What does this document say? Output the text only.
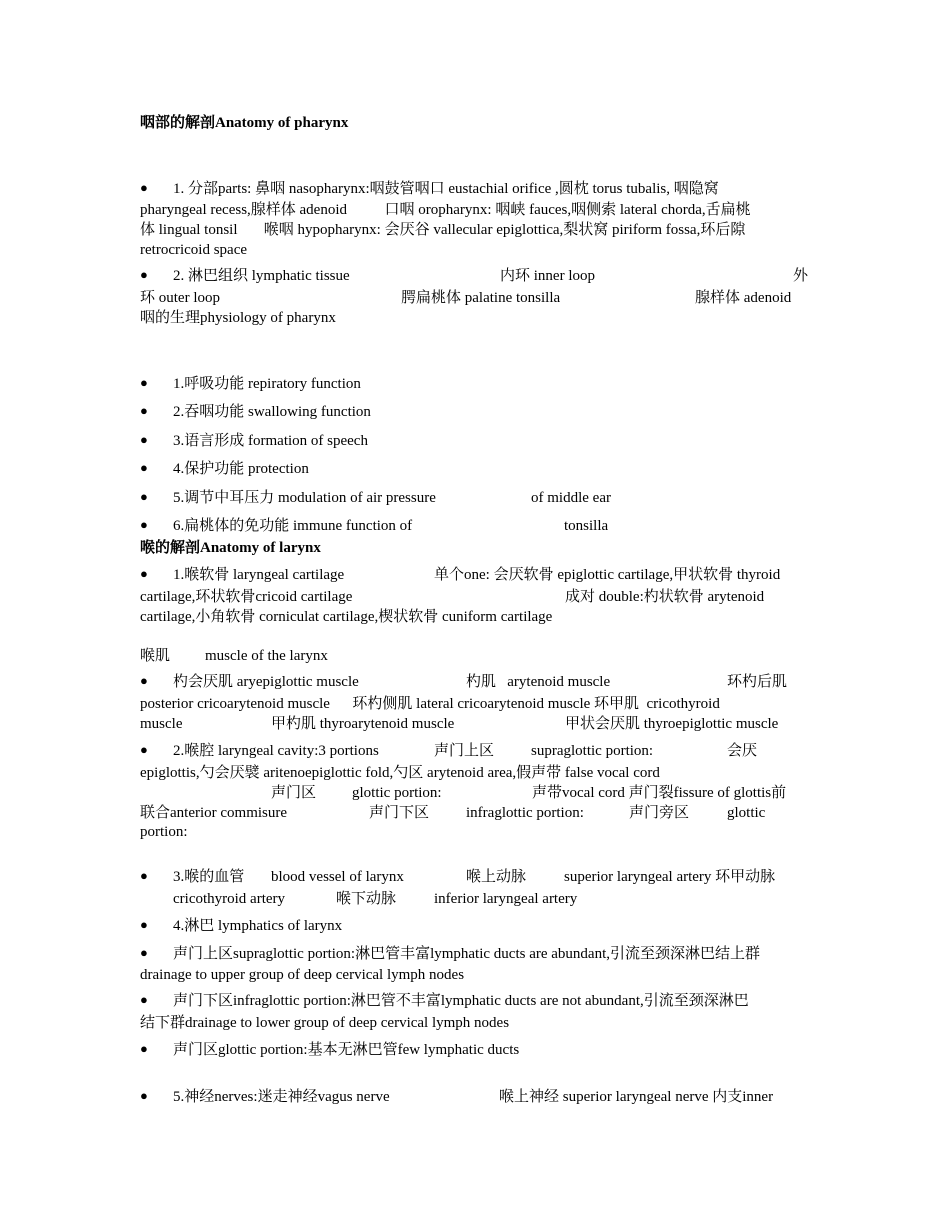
咽部的解剖Anatomy of pharynx

● 1. 分部parts: 鼻咽 nasopharynx:咽鼓管咽口 eustachial orifice ,圆枕 torus tubalis, 咽隐窝

pharyngeal recess,腺样体 adenoid          口咽 oropharynx: 咽峡 fauces,咽侧索 lateral chorda,舌扁桃

体 lingual tonsil       喉咽 hypopharynx: 会厌谷 vallecular epiglottica,梨状窝 piriform fossa,环后隙

retrocricoid space

● 2. 淋巴组织 lymphatic tissue	内环 inner loop	外

环 outer loop	腭扁桃体 palatine tonsilla	腺样体 adenoid

咽的生理physiology of pharynx

● 1.呼吸功能 repiratory function

● 2.吞咽功能 swallowing function

● 3.语言形成 formation of speech

● 4.保护功能 protection

● 5.调节中耳压力 modulation of air pressure	of middle ear

● 6.扁桃体的免功能 immune function of	tonsilla

喉的解剖Anatomy of larynx

● 1.喉软骨 laryngeal cartilage	单个one: 会厌软骨 epiglottic cartilage,甲状软骨 thyroid

cartilage,环状软骨cricoid cartilage	成对 double:杓状软骨 arytenoid

cartilage,小角软骨 corniculat cartilage,楔状软骨 cuniform cartilage

喉肌 muscle of the larynx

● 杓会厌肌 aryepiglottic muscle	杓肌   arytenoid muscle	环杓后肌

posterior cricoarytenoid muscle      环杓侧肌 lateral cricoarytenoid muscle 环甲肌  cricothyroid

muscle	甲杓肌 thyroarytenoid muscle	甲状会厌肌 thyroepiglottic muscle

● 2.喉腔 laryngeal cavity:3 portions	声门上区 supraglottic portion:	会厌

epiglottis,勺会厌襞 aritenoepiglottic fold,勺区 arytenoid area,假声带 false vocal cord

声门区 glottic portion:	声带vocal cord 声门裂fissure of glottis前

联合anterior commisure	声门下区 infraglottic portion:	声门旁区	glottic

portion:

● 3.喉的血管 blood vessel of larynx	喉上动脉	superior laryngeal artery 环甲动脉

cricothyroid artery	喉下动脉	inferior laryngeal artery

● 4.淋巴 lymphatics of larynx

● 声门上区supraglottic portion:淋巴管丰富lymphatic ducts are abundant,引流至颈深淋巴结上群

drainage to upper group of deep cervical lymph nodes

● 声门下区infraglottic portion:淋巴管不丰富lymphatic ducts are not abundant,引流至颈深淋巴

结下群drainage to lower group of deep cervical lymph nodes

● 声门区glottic portion:基本无淋巴管few lymphatic ducts

● 5.神经nerves:迷走神经vagus nerve	喉上神经 superior laryngeal nerve 内支inner
